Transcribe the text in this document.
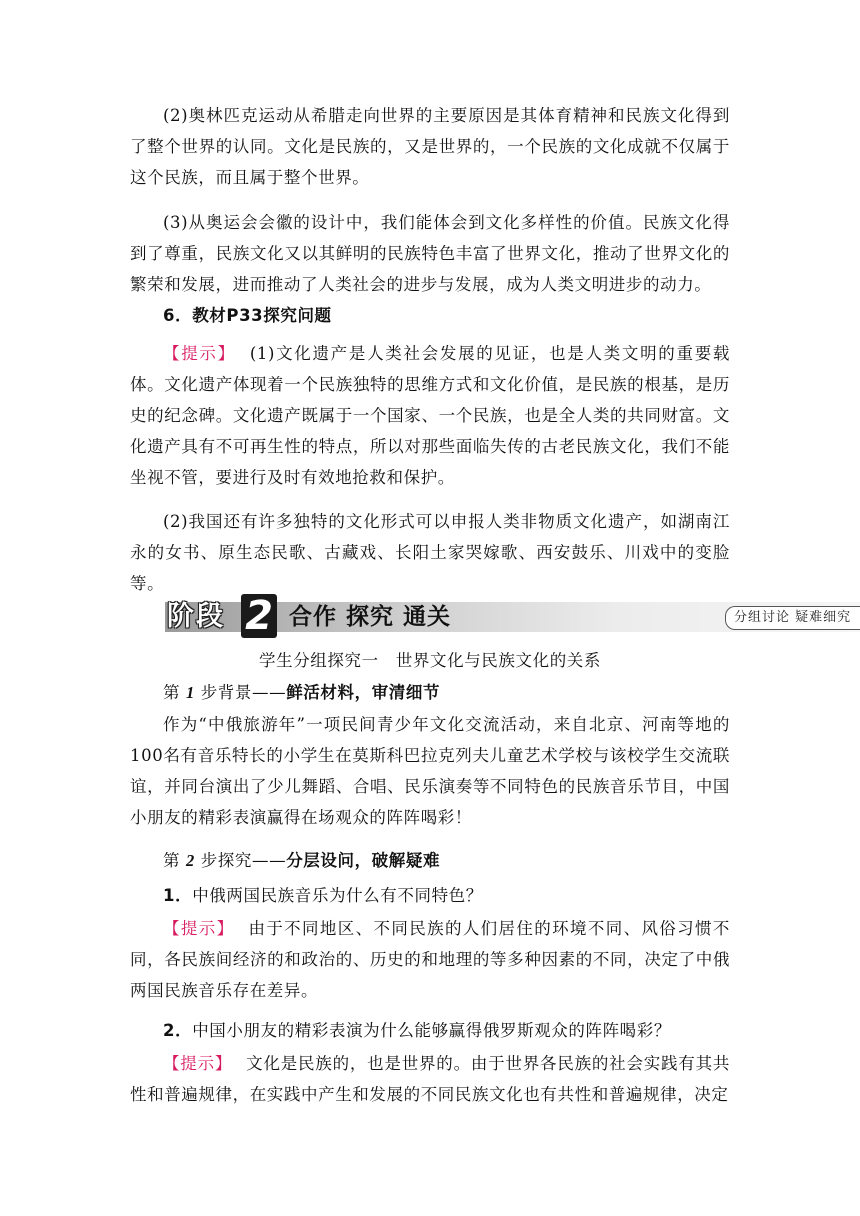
(2)奥林匹克运动从希腊走向世界的主要原因是其体育精神和民族文化得到了整个世界的认同。文化是民族的，又是世界的，一个民族的文化成就不仅属于这个民族，而且属于整个世界。
(3)从奥运会会徽的设计中，我们能体会到文化多样性的价值。民族文化得到了尊重，民族文化又以其鲜明的民族特色丰富了世界文化，推动了世界文化的繁荣和发展，进而推动了人类社会的进步与发展，成为人类文明进步的动力。
6．教材P33探究问题
【提示】 (1)文化遗产是人类社会发展的见证，也是人类文明的重要载体。文化遗产体现着一个民族独特的思维方式和文化价值，是民族的根基，是历史的纪念碑。文化遗产既属于一个国家、一个民族，也是全人类的共同财富。文化遗产具有不可再生性的特点，所以对那些面临失传的古老民族文化，我们不能坐视不管，要进行及时有效地抢救和保护。
(2)我国还有许多独特的文化形式可以申报人类非物质文化遗产，如湖南江永的女书、原生态民歌、古藏戏、长阳土家哭嫁歌、西安鼓乐、川戏中的变脸等。
阶段 2 合作 探究 通关	分组讨论 疑难细究
学生分组探究一　世界文化与民族文化的关系
第 1 步背景——鲜活材料，审清细节
作为“中俄旅游年”一项民间青少年文化交流活动，来自北京、河南等地的100名有音乐特长的小学生在莫斯科巴拉克列夫儿童艺术学校与该校学生交流联谊，并同台演出了少儿舞蹈、合唱、民乐演奏等不同特色的民族音乐节目，中国小朋友的精彩表演赢得在场观众的阵阵喝彩！
第 2 步探究——分层设问，破解疑难
1．中俄两国民族音乐为什么有不同特色？
【提示】 由于不同地区、不同民族的人们居住的环境不同、风俗习惯不同，各民族间经济的和政治的、历史的和地理的等多种因素的不同，决定了中俄两国民族音乐存在差异。
2．中国小朋友的精彩表演为什么能够赢得俄罗斯观众的阵阵喝彩？
【提示】 文化是民族的，也是世界的。由于世界各民族的社会实践有其共性和普遍规律，在实践中产生和发展的不同民族文化也有共性和普遍规律，决定
